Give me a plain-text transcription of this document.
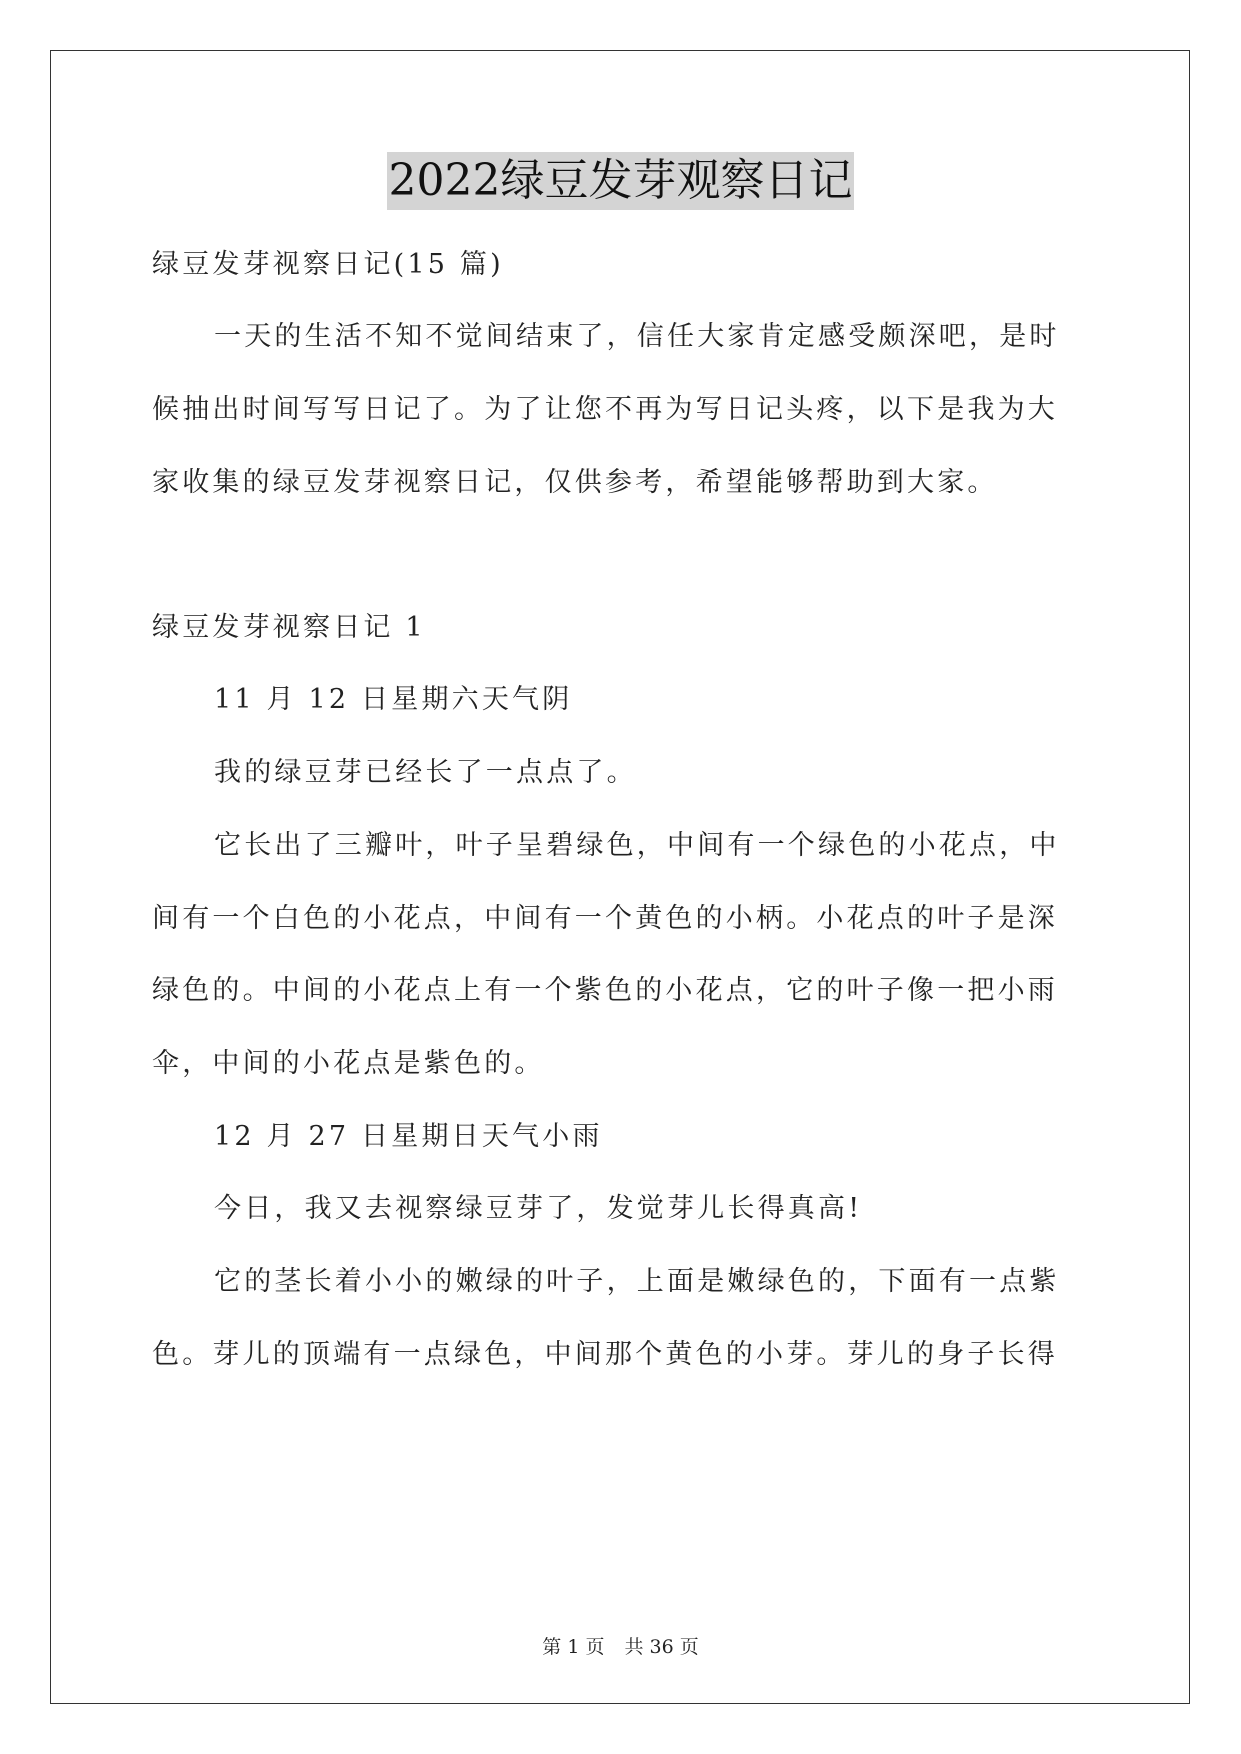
2022绿豆发芽观察日记
绿豆发芽视察日记(15 篇)
一天的生活不知不觉间结束了，信任大家肯定感受颇深吧，是时
候抽出时间写写日记了。为了让您不再为写日记头疼，以下是我为大
家收集的绿豆发芽视察日记，仅供参考，希望能够帮助到大家。
绿豆发芽视察日记 1
11 月 12 日星期六天气阴
我的绿豆芽已经长了一点点了。
它长出了三瓣叶，叶子呈碧绿色，中间有一个绿色的小花点，中
间有一个白色的小花点，中间有一个黄色的小柄。小花点的叶子是深
绿色的。中间的小花点上有一个紫色的小花点，它的叶子像一把小雨
伞，中间的小花点是紫色的。
12 月 27 日星期日天气小雨
今日，我又去视察绿豆芽了，发觉芽儿长得真高!
它的茎长着小小的嫩绿的叶子，上面是嫩绿色的，下面有一点紫
色。芽儿的顶端有一点绿色，中间那个黄色的小芽。芽儿的身子长得
第 1 页 共 36 页
